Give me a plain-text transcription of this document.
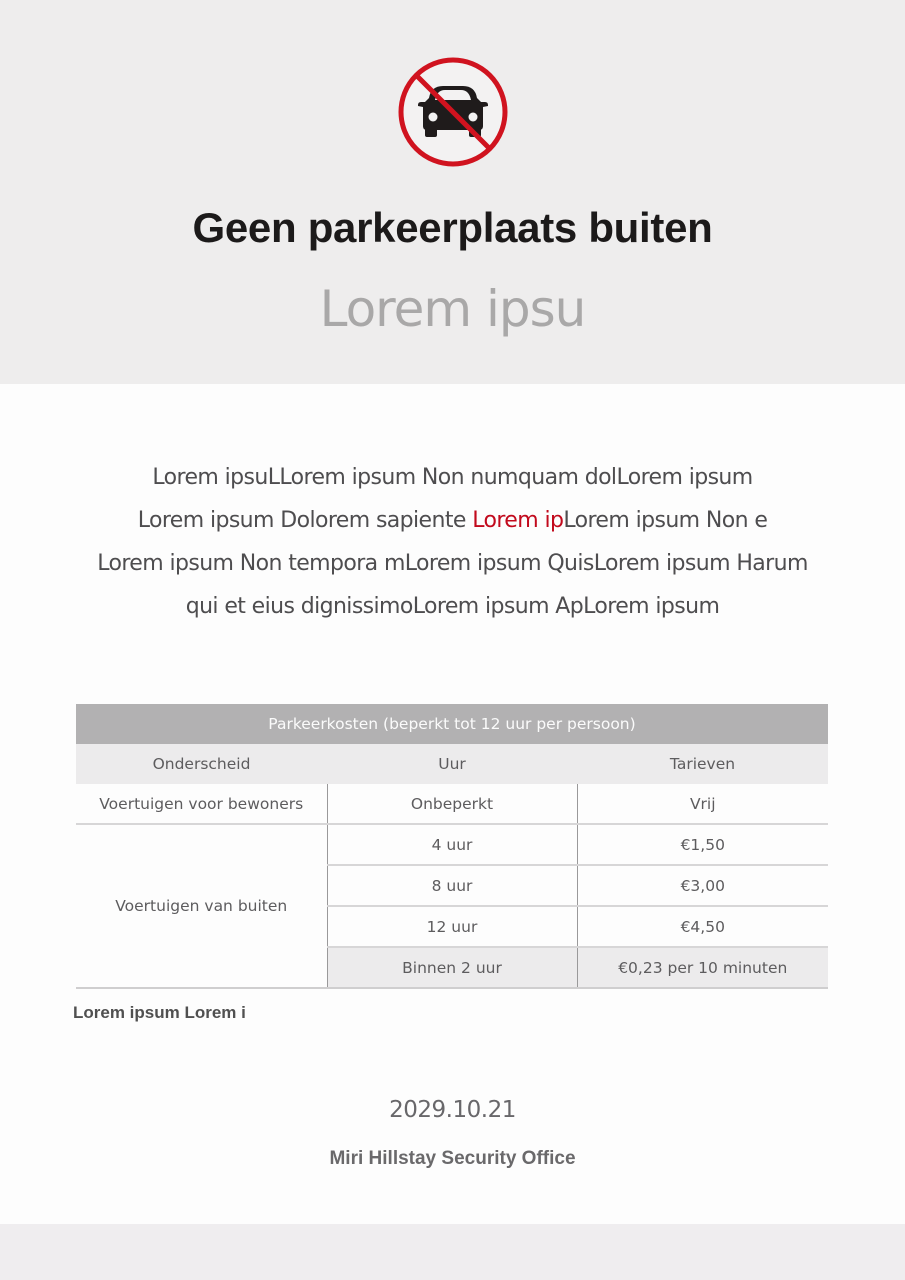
Geen parkeerplaats buiten
Lorem ipsu
Lorem ipsuLLorem ipsum Non numquam dolLorem ipsum
Lorem ipsum Dolorem sapiente Lorem ipLorem ipsum Non e
Lorem ipsum Non tempora mLorem ipsum QuisLorem ipsum Harum
qui et eius dignissimoLorem ipsum ApLorem ipsum
Parkeerkosten (beperkt tot 12 uur per persoon)		
Onderscheid	Uur	Tarieven
Voertuigen voor bewoners	Onbeperkt	Vrij
Voertuigen van buiten	4 uur	€1,50
	8 uur	€3,00
	12 uur	€4,50
	Binnen 2 uur	€0,23 per 10 minuten
Lorem ipsum Lorem i
2029.10.21
Miri Hillstay Security Office
